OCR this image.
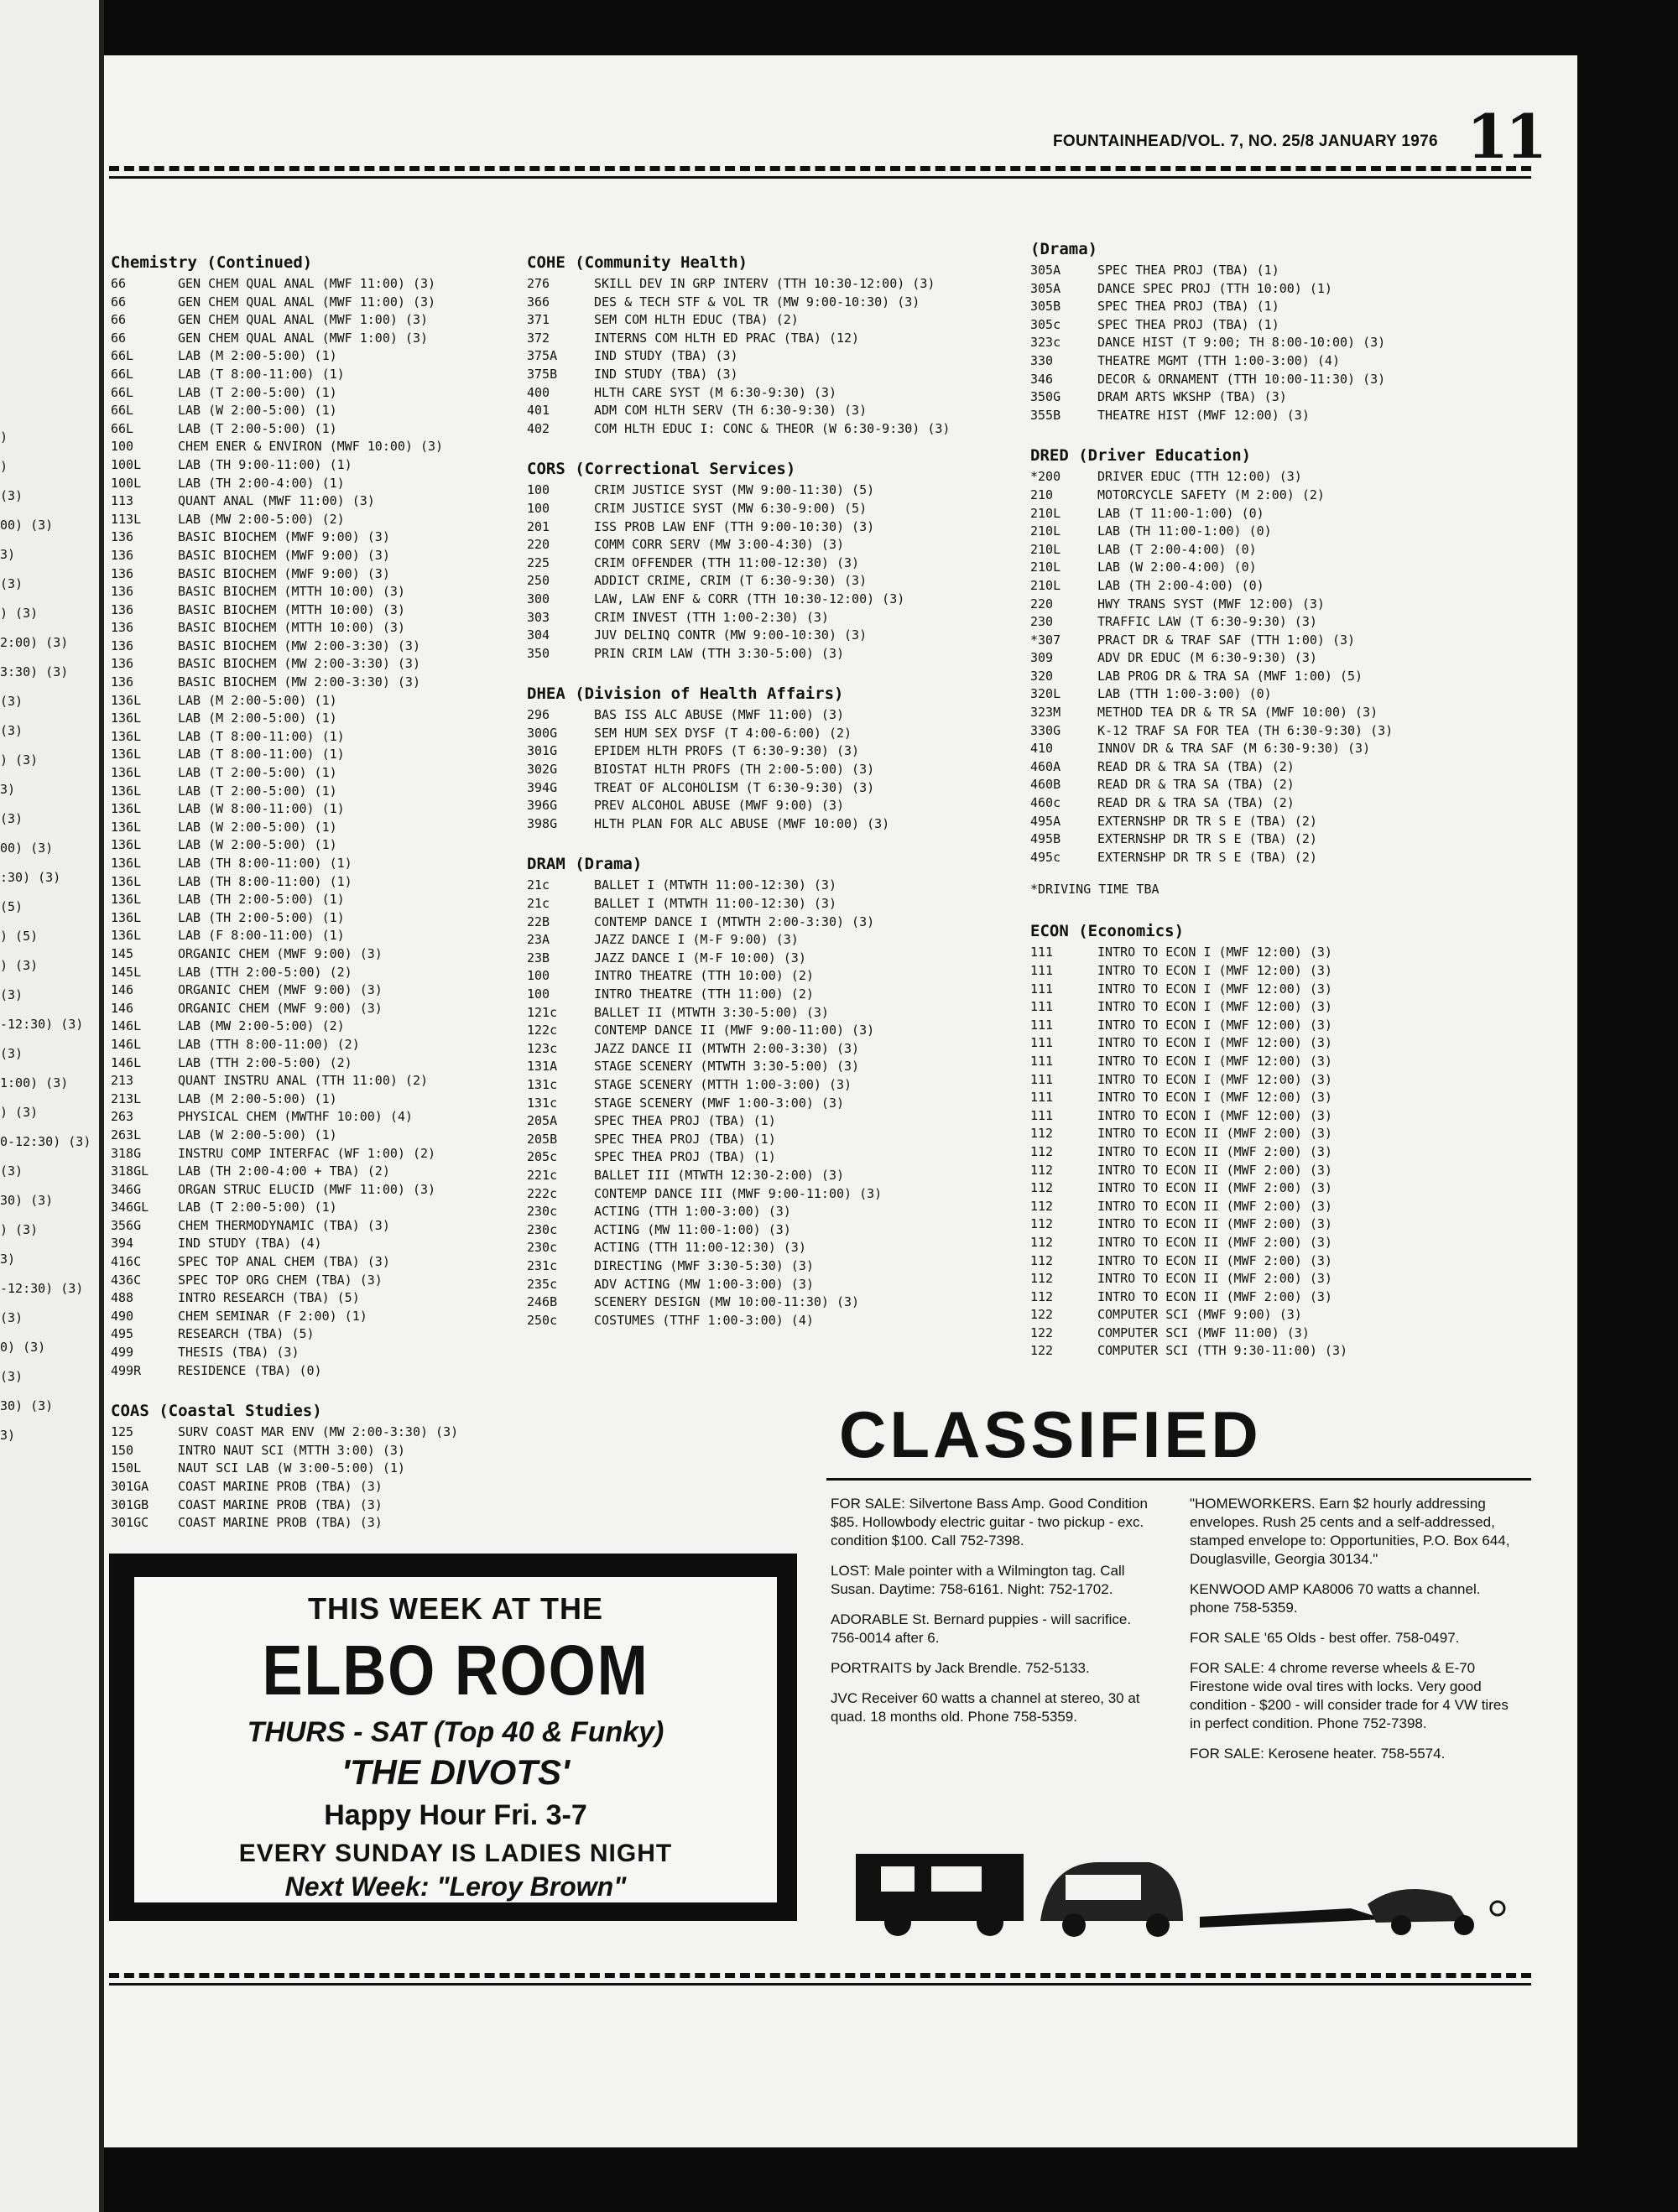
)
)
(3)
00) (3)
3)
(3)
) (3)
2:00) (3)
3:30) (3)
(3)
(3)
) (3)
3)
(3)
00) (3)
:30) (3)
(5)
) (5)
) (3)
(3)
-12:30) (3)
(3)
1:00) (3)
) (3)
0-12:30) (3)
(3)
30) (3)
) (3)
3)
-12:30) (3)
(3)
0) (3)
(3)
30) (3)
3)
11
FOUNTAINHEAD/VOL. 7, NO. 25/8 JANUARY 1976
Chemistry (Continued)
66	GEN CHEM QUAL ANAL (MWF 11:00) (3)
66	GEN CHEM QUAL ANAL (MWF 11:00) (3)
66	GEN CHEM QUAL ANAL (MWF 1:00) (3)
66	GEN CHEM QUAL ANAL (MWF 1:00) (3)
66L	LAB (M 2:00-5:00) (1)
66L	LAB (T 8:00-11:00) (1)
66L	LAB (T 2:00-5:00) (1)
66L	LAB (W 2:00-5:00) (1)
66L	LAB (T 2:00-5:00) (1)
100	CHEM ENER & ENVIRON (MWF 10:00) (3)
100L	LAB (TH 9:00-11:00) (1)
100L	LAB (TH 2:00-4:00) (1)
113	QUANT ANAL (MWF 11:00) (3)
113L	LAB (MW 2:00-5:00) (2)
136	BASIC BIOCHEM (MWF 9:00) (3)
136	BASIC BIOCHEM (MWF 9:00) (3)
136	BASIC BIOCHEM (MWF 9:00) (3)
136	BASIC BIOCHEM (MTTH 10:00) (3)
136	BASIC BIOCHEM (MTTH 10:00) (3)
136	BASIC BIOCHEM (MTTH 10:00) (3)
136	BASIC BIOCHEM (MW 2:00-3:30) (3)
136	BASIC BIOCHEM (MW 2:00-3:30) (3)
136	BASIC BIOCHEM (MW 2:00-3:30) (3)
136L	LAB (M 2:00-5:00) (1)
136L	LAB (M 2:00-5:00) (1)
136L	LAB (T 8:00-11:00) (1)
136L	LAB (T 8:00-11:00) (1)
136L	LAB (T 2:00-5:00) (1)
136L	LAB (T 2:00-5:00) (1)
136L	LAB (W 8:00-11:00) (1)
136L	LAB (W 2:00-5:00) (1)
136L	LAB (W 2:00-5:00) (1)
136L	LAB (TH 8:00-11:00) (1)
136L	LAB (TH 8:00-11:00) (1)
136L	LAB (TH 2:00-5:00) (1)
136L	LAB (TH 2:00-5:00) (1)
136L	LAB (F 8:00-11:00) (1)
145	ORGANIC CHEM (MWF 9:00) (3)
145L	LAB (TTH 2:00-5:00) (2)
146	ORGANIC CHEM (MWF 9:00) (3)
146	ORGANIC CHEM (MWF 9:00) (3)
146L	LAB (MW 2:00-5:00) (2)
146L	LAB (TTH 8:00-11:00) (2)
146L	LAB (TTH 2:00-5:00) (2)
213	QUANT INSTRU ANAL (TTH 11:00) (2)
213L	LAB (M 2:00-5:00) (1)
263	PHYSICAL CHEM (MWTHF 10:00) (4)
263L	LAB (W 2:00-5:00) (1)
318G	INSTRU COMP INTERFAC (WF 1:00) (2)
318GL	LAB (TH 2:00-4:00 + TBA) (2)
346G	ORGAN STRUC ELUCID (MWF 11:00) (3)
346GL	LAB (T 2:00-5:00) (1)
356G	CHEM THERMODYNAMIC (TBA) (3)
394	IND STUDY (TBA) (4)
416C	SPEC TOP ANAL CHEM (TBA) (3)
436C	SPEC TOP ORG CHEM (TBA) (3)
488	INTRO RESEARCH (TBA) (5)
490	CHEM SEMINAR (F 2:00) (1)
495	RESEARCH (TBA) (5)
499	THESIS (TBA) (3)
499R	RESIDENCE (TBA) (0)
COAS (Coastal Studies)
125	SURV COAST MAR ENV (MW 2:00-3:30) (3)
150	INTRO NAUT SCI (MTTH 3:00) (3)
150L	NAUT SCI LAB (W 3:00-5:00) (1)
301GA	COAST MARINE PROB (TBA) (3)
301GB	COAST MARINE PROB (TBA) (3)
301GC	COAST MARINE PROB (TBA) (3)
COHE (Community Health)
276	SKILL DEV IN GRP INTERV (TTH 10:30-12:00) (3)
366	DES & TECH STF & VOL TR (MW 9:00-10:30) (3)
371	SEM COM HLTH EDUC (TBA) (2)
372	INTERNS COM HLTH ED PRAC (TBA) (12)
375A	IND STUDY (TBA) (3)
375B	IND STUDY (TBA) (3)
400	HLTH CARE SYST (M 6:30-9:30) (3)
401	ADM COM HLTH SERV (TH 6:30-9:30) (3)
402	COM HLTH EDUC I: CONC & THEOR (W 6:30-9:30) (3)
CORS (Correctional Services)
100	CRIM JUSTICE SYST (MW 9:00-11:30) (5)
100	CRIM JUSTICE SYST (MW 6:30-9:00) (5)
201	ISS PROB LAW ENF (TTH 9:00-10:30) (3)
220	COMM CORR SERV (MW 3:00-4:30) (3)
225	CRIM OFFENDER (TTH 11:00-12:30) (3)
250	ADDICT CRIME, CRIM (T 6:30-9:30) (3)
300	LAW, LAW ENF & CORR (TTH 10:30-12:00) (3)
303	CRIM INVEST (TTH 1:00-2:30) (3)
304	JUV DELINQ CONTR (MW 9:00-10:30) (3)
350	PRIN CRIM LAW (TTH 3:30-5:00) (3)
DHEA (Division of Health Affairs)
296	BAS ISS ALC ABUSE (MWF 11:00) (3)
300G	SEM HUM SEX DYSF (T 4:00-6:00) (2)
301G	EPIDEM HLTH PROFS (T 6:30-9:30) (3)
302G	BIOSTAT HLTH PROFS (TH 2:00-5:00) (3)
394G	TREAT OF ALCOHOLISM (T 6:30-9:30) (3)
396G	PREV ALCOHOL ABUSE (MWF 9:00) (3)
398G	HLTH PLAN FOR ALC ABUSE (MWF 10:00) (3)
DRAM (Drama)
21c	BALLET I (MTWTH 11:00-12:30) (3)
21c	BALLET I (MTWTH 11:00-12:30) (3)
22B	CONTEMP DANCE I (MTWTH 2:00-3:30) (3)
23A	JAZZ DANCE I (M-F 9:00) (3)
23B	JAZZ DANCE I (M-F 10:00) (3)
100	INTRO THEATRE (TTH 10:00) (2)
100	INTRO THEATRE (TTH 11:00) (2)
121c	BALLET II (MTWTH 3:30-5:00) (3)
122c	CONTEMP DANCE II (MWF 9:00-11:00) (3)
123c	JAZZ DANCE II (MTWTH 2:00-3:30) (3)
131A	STAGE SCENERY (MTWTH 3:30-5:00) (3)
131c	STAGE SCENERY (MTTH 1:00-3:00) (3)
131c	STAGE SCENERY (MWF 1:00-3:00) (3)
205A	SPEC THEA PROJ (TBA) (1)
205B	SPEC THEA PROJ (TBA) (1)
205c	SPEC THEA PROJ (TBA) (1)
221c	BALLET III (MTWTH 12:30-2:00) (3)
222c	CONTEMP DANCE III (MWF 9:00-11:00) (3)
230c	ACTING (TTH 1:00-3:00) (3)
230c	ACTING (MW 11:00-1:00) (3)
230c	ACTING (TTH 11:00-12:30) (3)
231c	DIRECTING (MWF 3:30-5:30) (3)
235c	ADV ACTING (MW 1:00-3:00) (3)
246B	SCENERY DESIGN (MW 10:00-11:30) (3)
250c	COSTUMES (TTHF 1:00-3:00) (4)
(Drama)
305A	SPEC THEA PROJ (TBA) (1)
305A	DANCE SPEC PROJ (TTH 10:00) (1)
305B	SPEC THEA PROJ (TBA) (1)
305c	SPEC THEA PROJ (TBA) (1)
323c	DANCE HIST (T 9:00; TH 8:00-10:00) (3)
330	THEATRE MGMT (TTH 1:00-3:00) (4)
346	DECOR & ORNAMENT (TTH 10:00-11:30) (3)
350G	DRAM ARTS WKSHP (TBA) (3)
355B	THEATRE HIST (MWF 12:00) (3)
DRED (Driver Education)
*200	DRIVER EDUC (TTH 12:00) (3)
210	MOTORCYCLE SAFETY (M 2:00) (2)
210L	LAB (T 11:00-1:00) (0)
210L	LAB (TH 11:00-1:00) (0)
210L	LAB (T 2:00-4:00) (0)
210L	LAB (W 2:00-4:00) (0)
210L	LAB (TH 2:00-4:00) (0)
220	HWY TRANS SYST (MWF 12:00) (3)
230	TRAFFIC LAW (T 6:30-9:30) (3)
*307	PRACT DR & TRAF SAF (TTH 1:00) (3)
309	ADV DR EDUC (M 6:30-9:30) (3)
320	LAB PROG DR & TRA SA (MWF 1:00) (5)
320L	LAB (TTH 1:00-3:00) (0)
323M	METHOD TEA DR & TR SA (MWF 10:00) (3)
330G	K-12 TRAF SA FOR TEA (TH 6:30-9:30) (3)
410	INNOV DR & TRA SAF (M 6:30-9:30) (3)
460A	READ DR & TRA SA (TBA) (2)
460B	READ DR & TRA SA (TBA) (2)
460c	READ DR & TRA SA (TBA) (2)
495A	EXTERNSHP DR TR S E (TBA) (2)
495B	EXTERNSHP DR TR S E (TBA) (2)
495c	EXTERNSHP DR TR S E (TBA) (2)
*DRIVING TIME TBA
ECON (Economics)
111	INTRO TO ECON I (MWF 12:00) (3)
111	INTRO TO ECON I (MWF 12:00) (3)
111	INTRO TO ECON I (MWF 12:00) (3)
111	INTRO TO ECON I (MWF 12:00) (3)
111	INTRO TO ECON I (MWF 12:00) (3)
111	INTRO TO ECON I (MWF 12:00) (3)
111	INTRO TO ECON I (MWF 12:00) (3)
111	INTRO TO ECON I (MWF 12:00) (3)
111	INTRO TO ECON I (MWF 12:00) (3)
111	INTRO TO ECON I (MWF 12:00) (3)
112	INTRO TO ECON II (MWF 2:00) (3)
112	INTRO TO ECON II (MWF 2:00) (3)
112	INTRO TO ECON II (MWF 2:00) (3)
112	INTRO TO ECON II (MWF 2:00) (3)
112	INTRO TO ECON II (MWF 2:00) (3)
112	INTRO TO ECON II (MWF 2:00) (3)
112	INTRO TO ECON II (MWF 2:00) (3)
112	INTRO TO ECON II (MWF 2:00) (3)
112	INTRO TO ECON II (MWF 2:00) (3)
112	INTRO TO ECON II (MWF 2:00) (3)
122	COMPUTER SCI (MWF 9:00) (3)
122	COMPUTER SCI (MWF 11:00) (3)
122	COMPUTER SCI (TTH 9:30-11:00) (3)
THIS WEEK AT THE
ELBO ROOM
THURS - SAT (Top 40 & Funky)
'THE DIVOTS'
Happy Hour Fri. 3-7
EVERY SUNDAY IS LADIES NIGHT
Next Week: "Leroy Brown"
CLASSIFIED

FOR SALE: Silvertone Bass Amp. Good Condition $85. Hollowbody electric guitar - two pickup - exc. condition $100. Call 752-7398.

LOST: Male pointer with a Wilmington tag. Call Susan. Daytime: 758-6161. Night: 752-1702.

ADORABLE St. Bernard puppies - will sacrifice. 756-0014 after 6.

PORTRAITS by Jack Brendle. 752-5133.

JVC Receiver 60 watts a channel at stereo, 30 at quad. 18 months old. Phone 758-5359.

"HOMEWORKERS. Earn $2 hourly addressing envelopes. Rush 25 cents and a self-addressed, stamped envelope to: Opportunities, P.O. Box 644, Douglasville, Georgia 30134."

KENWOOD AMP KA8006 70 watts a channel. phone 758-5359.

FOR SALE '65 Olds - best offer. 758-0497.

FOR SALE: 4 chrome reverse wheels & E-70 Firestone wide oval tires with locks. Very good condition - $200 - will consider trade for 4 VW tires in perfect condition. Phone 752-7398.

FOR SALE: Kerosene heater. 758-5574.
